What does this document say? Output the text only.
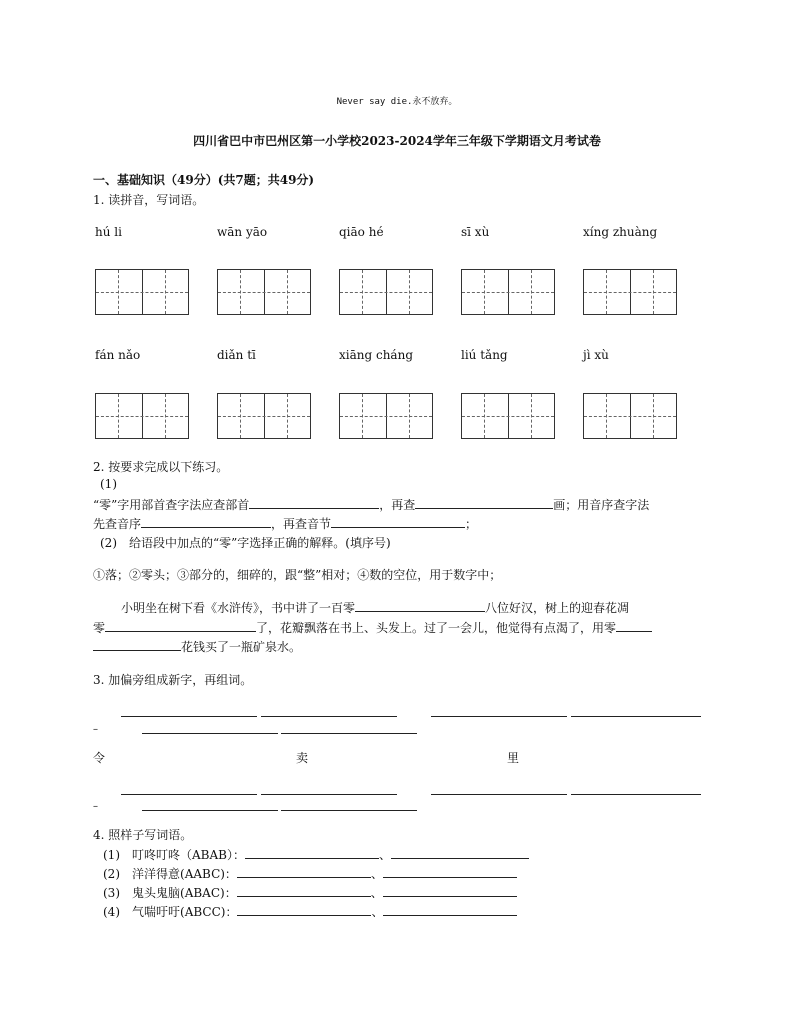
Never say die.永不放弃。
四川省巴中市巴州区第一小学校2023-2024学年三年级下学期语文月考试卷
一、基础知识（49分）(共7题；共49分)
1. 读拼音，写词语。
hú li	wān yāo	qiāo hé	sī xù	xíng zhuàng
fán nǎo	diǎn tī	xiāng cháng	liú tǎng	jì xù
2. 按要求完成以下练习。
(1)
“零”字用部首查字法应查部首	，再查	画；用音序查字法
先查音序	，再查音节	；
(2)　给语段中加点的“零”字选择正确的解释。(填序号)
①落；②零头；③部分的，细碎的，跟“整”相对；④数的空位，用于数字中；
小明坐在树下看《水浒传》，书中讲了一百零	八位好汉，树上的迎春花凋
零	了，花瓣飘落在书上、头发上。过了一会儿，他觉得有点渴了，用零
花钱买了一瓶矿泉水。
3. 加偏旁组成新字，再组词。
–
令	卖	里
–
4. 照样子写词语。
(1)　 叮咚叮咚（ABAB）：	、
(2)　 洋洋得意(AABC)：	、
(3)　 鬼头鬼脑(ABAC)：	、
(4)　 气喘吁吁(ABCC)：	、
